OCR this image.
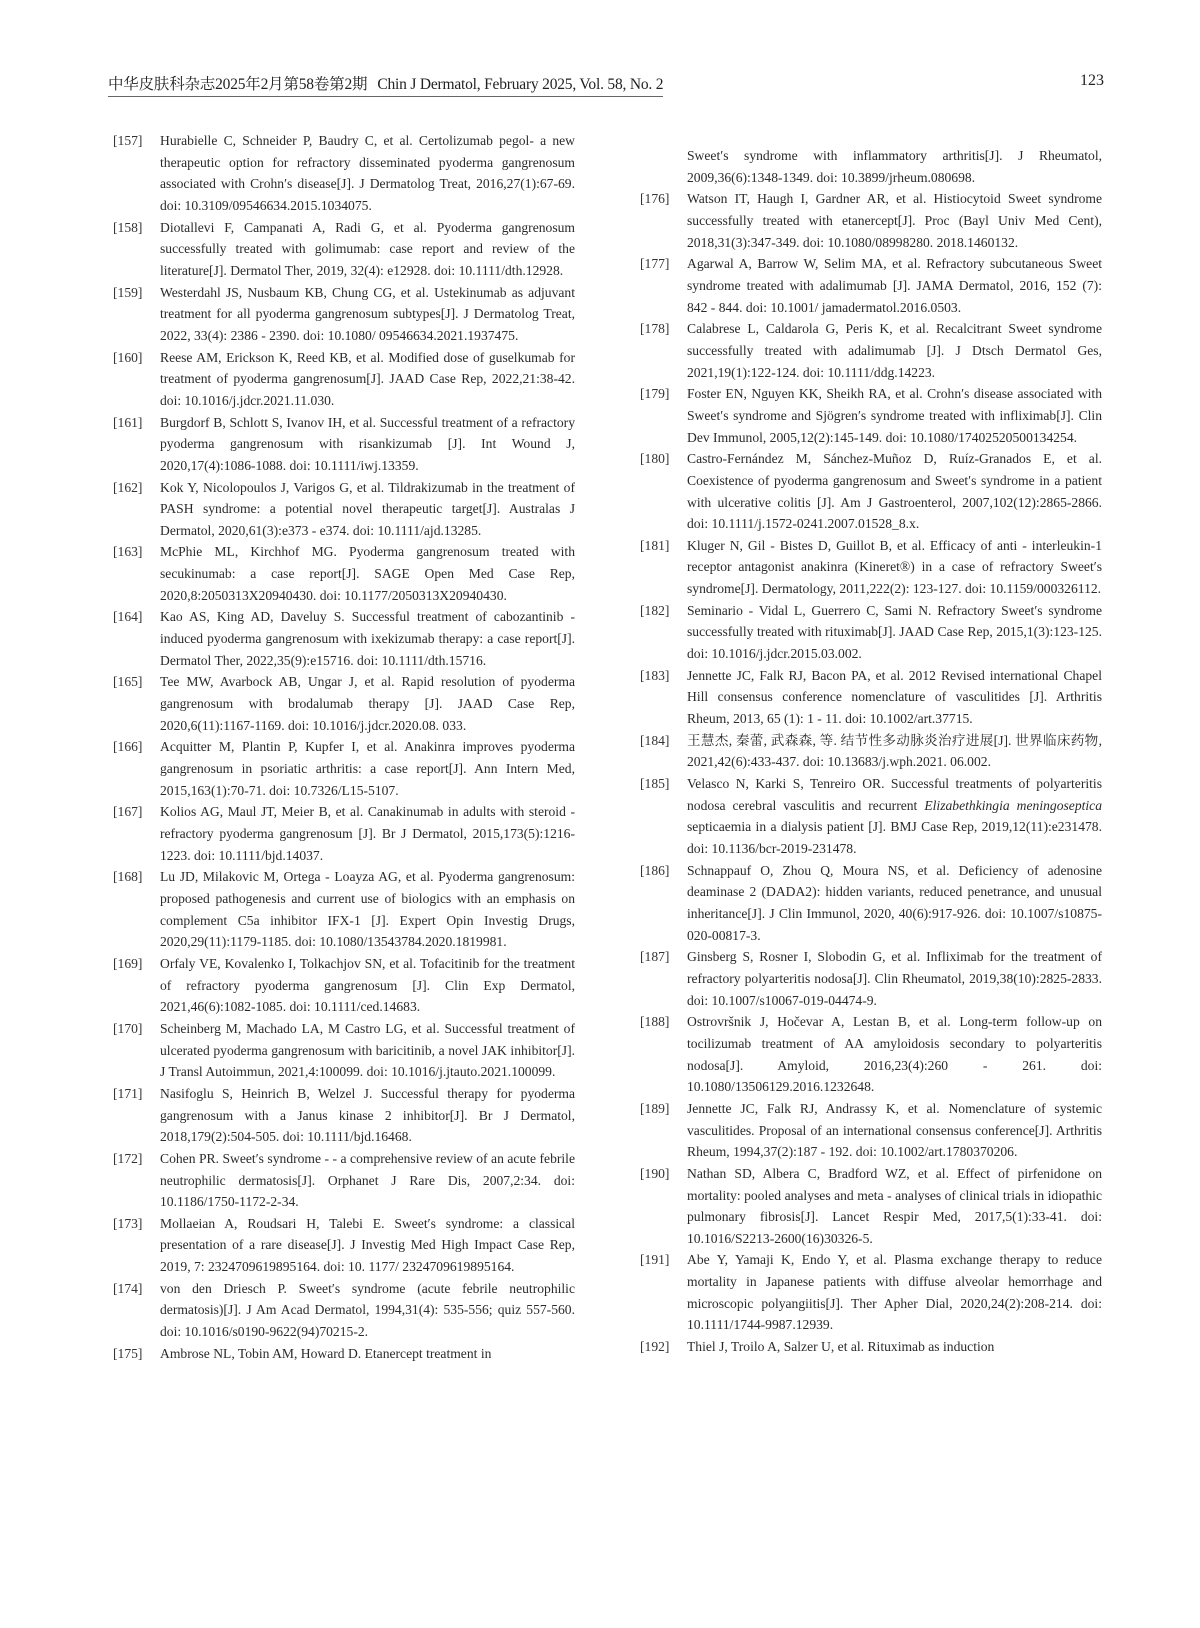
中华皮肤科杂志2025年2月第58卷第2期 Chin J Dermatol, February 2025, Vol. 58, No. 2	123
[157]	Hurabielle C, Schneider P, Baudry C, et al. Certolizumab pegol- a new therapeutic option for refractory disseminated pyoderma gangrenosum associated with Crohn′s disease[J]. J Dermatolog Treat, 2016,27(1):67-69. doi: 10.3109/09546634.2015.1034075.
[158]	Diotallevi F, Campanati A, Radi G, et al. Pyoderma gangrenosum successfully treated with golimumab: case report and review of the literature[J]. Dermatol Ther, 2019, 32(4): e12928. doi: 10.1111/dth.12928.
[159]	Westerdahl JS, Nusbaum KB, Chung CG, et al. Ustekinumab as adjuvant treatment for all pyoderma gangrenosum subtypes[J]. J Dermatolog Treat, 2022, 33(4): 2386 - 2390. doi: 10.1080/ 09546634.2021.1937475.
[160]	Reese AM, Erickson K, Reed KB, et al. Modified dose of guselkumab for treatment of pyoderma gangrenosum[J]. JAAD Case Rep, 2022,21:38-42. doi: 10.1016/j.jdcr.2021.11.030.
[161]	Burgdorf B, Schlott S, Ivanov IH, et al. Successful treatment of a refractory pyoderma gangrenosum with risankizumab [J]. Int Wound J, 2020,17(4):1086-1088. doi: 10.1111/iwj.13359.
[162]	Kok Y, Nicolopoulos J, Varigos G, et al. Tildrakizumab in the treatment of PASH syndrome: a potential novel therapeutic target[J]. Australas J Dermatol, 2020,61(3):e373 - e374. doi: 10.1111/ajd.13285.
[163]	McPhie ML, Kirchhof MG. Pyoderma gangrenosum treated with secukinumab: a case report[J]. SAGE Open Med Case Rep, 2020,8:2050313X20940430. doi: 10.1177/2050313X20940430.
[164]	Kao AS, King AD, Daveluy S. Successful treatment of cabozantinib - induced pyoderma gangrenosum with ixekizumab therapy: a case report[J]. Dermatol Ther, 2022,35(9):e15716. doi: 10.1111/dth.15716.
[165]	Tee MW, Avarbock AB, Ungar J, et al. Rapid resolution of pyoderma gangrenosum with brodalumab therapy [J]. JAAD Case Rep, 2020,6(11):1167-1169. doi: 10.1016/j.jdcr.2020.08. 033.
[166]	Acquitter M, Plantin P, Kupfer I, et al. Anakinra improves pyoderma gangrenosum in psoriatic arthritis: a case report[J]. Ann Intern Med, 2015,163(1):70-71. doi: 10.7326/L15-5107.
[167]	Kolios AG, Maul JT, Meier B, et al. Canakinumab in adults with steroid - refractory pyoderma gangrenosum [J]. Br J Dermatol, 2015,173(5):1216-1223. doi: 10.1111/bjd.14037.
[168]	Lu JD, Milakovic M, Ortega - Loayza AG, et al. Pyoderma gangrenosum: proposed pathogenesis and current use of biologics with an emphasis on complement C5a inhibitor IFX-1 [J]. Expert Opin Investig Drugs, 2020,29(11):1179-1185. doi: 10.1080/13543784.2020.1819981.
[169]	Orfaly VE, Kovalenko I, Tolkachjov SN, et al. Tofacitinib for the treatment of refractory pyoderma gangrenosum [J]. Clin Exp Dermatol, 2021,46(6):1082-1085. doi: 10.1111/ced.14683.
[170]	Scheinberg M, Machado LA, M Castro LG, et al. Successful treatment of ulcerated pyoderma gangrenosum with baricitinib, a novel JAK inhibitor[J]. J Transl Autoimmun, 2021,4:100099. doi: 10.1016/j.jtauto.2021.100099.
[171]	Nasifoglu S, Heinrich B, Welzel J. Successful therapy for pyoderma gangrenosum with a Janus kinase 2 inhibitor[J]. Br J Dermatol, 2018,179(2):504-505. doi: 10.1111/bjd.16468.
[172]	Cohen PR. Sweet′s syndrome - - a comprehensive review of an acute febrile neutrophilic dermatosis[J]. Orphanet J Rare Dis, 2007,2:34. doi: 10.1186/1750-1172-2-34.
[173]	Mollaeian A, Roudsari H, Talebi E. Sweet′s syndrome: a classical presentation of a rare disease[J]. J Investig Med High Impact Case Rep, 2019, 7: 2324709619895164. doi: 10. 1177/ 2324709619895164.
[174]	von den Driesch P. Sweet′s syndrome (acute febrile neutrophilic dermatosis)[J]. J Am Acad Dermatol, 1994,31(4): 535-556; quiz 557-560. doi: 10.1016/s0190-9622(94)70215-2.
[175]	Ambrose NL, Tobin AM, Howard D. Etanercept treatment in
Sweet′s syndrome with inflammatory arthritis[J]. J Rheumatol, 2009,36(6):1348-1349. doi: 10.3899/jrheum.080698.
[176]	Watson IT, Haugh I, Gardner AR, et al. Histiocytoid Sweet syndrome successfully treated with etanercept[J]. Proc (Bayl Univ Med Cent), 2018,31(3):347-349. doi: 10.1080/08998280. 2018.1460132.
[177]	Agarwal A, Barrow W, Selim MA, et al. Refractory subcutaneous Sweet syndrome treated with adalimumab [J]. JAMA Dermatol, 2016, 152 (7): 842 - 844. doi: 10.1001/ jamadermatol.2016.0503.
[178]	Calabrese L, Caldarola G, Peris K, et al. Recalcitrant Sweet syndrome successfully treated with adalimumab [J]. J Dtsch Dermatol Ges, 2021,19(1):122-124. doi: 10.1111/ddg.14223.
[179]	Foster EN, Nguyen KK, Sheikh RA, et al. Crohn′s disease associated with Sweet′s syndrome and Sjögren′s syndrome treated with infliximab[J]. Clin Dev Immunol, 2005,12(2):145-149. doi: 10.1080/17402520500134254.
[180]	Castro-Fernández M, Sánchez-Muñoz D, Ruíz-Granados E, et al. Coexistence of pyoderma gangrenosum and Sweet′s syndrome in a patient with ulcerative colitis [J]. Am J Gastroenterol, 2007,102(12):2865-2866. doi: 10.1111/j.1572-0241.2007.01528_8.x.
[181]	Kluger N, Gil - Bistes D, Guillot B, et al. Efficacy of anti - interleukin-1 receptor antagonist anakinra (Kineret®) in a case of refractory Sweet′s syndrome[J]. Dermatology, 2011,222(2): 123-127. doi: 10.1159/000326112.
[182]	Seminario - Vidal L, Guerrero C, Sami N. Refractory Sweet′s syndrome successfully treated with rituximab[J]. JAAD Case Rep, 2015,1(3):123-125. doi: 10.1016/j.jdcr.2015.03.002.
[183]	Jennette JC, Falk RJ, Bacon PA, et al. 2012 Revised international Chapel Hill consensus conference nomenclature of vasculitides [J]. Arthritis Rheum, 2013, 65 (1): 1 - 11. doi: 10.1002/art.37715.
[184]	王慧杰, 秦蕾, 武森森, 等. 结节性多动脉炎治疗进展[J]. 世界临床药物, 2021,42(6):433-437. doi: 10.13683/j.wph.2021. 06.002.
[185]	Velasco N, Karki S, Tenreiro OR. Successful treatments of polyarteritis nodosa cerebral vasculitis and recurrent Elizabethkingia meningoseptica septicaemia in a dialysis patient [J]. BMJ Case Rep, 2019,12(11):e231478. doi: 10.1136/bcr-2019-231478.
[186]	Schnappauf O, Zhou Q, Moura NS, et al. Deficiency of adenosine deaminase 2 (DADA2): hidden variants, reduced penetrance, and unusual inheritance[J]. J Clin Immunol, 2020, 40(6):917-926. doi: 10.1007/s10875-020-00817-3.
[187]	Ginsberg S, Rosner I, Slobodin G, et al. Infliximab for the treatment of refractory polyarteritis nodosa[J]. Clin Rheumatol, 2019,38(10):2825-2833. doi: 10.1007/s10067-019-04474-9.
[188]	Ostrovršnik J, Hočevar A, Lestan B, et al. Long-term follow-up on tocilizumab treatment of AA amyloidosis secondary to polyarteritis nodosa[J]. Amyloid, 2016,23(4):260 - 261. doi: 10.1080/13506129.2016.1232648.
[189]	Jennette JC, Falk RJ, Andrassy K, et al. Nomenclature of systemic vasculitides. Proposal of an international consensus conference[J]. Arthritis Rheum, 1994,37(2):187 - 192. doi: 10.1002/art.1780370206.
[190]	Nathan SD, Albera C, Bradford WZ, et al. Effect of pirfenidone on mortality: pooled analyses and meta - analyses of clinical trials in idiopathic pulmonary fibrosis[J]. Lancet Respir Med, 2017,5(1):33-41. doi: 10.1016/S2213-2600(16)30326-5.
[191]	Abe Y, Yamaji K, Endo Y, et al. Plasma exchange therapy to reduce mortality in Japanese patients with diffuse alveolar hemorrhage and microscopic polyangiitis[J]. Ther Apher Dial, 2020,24(2):208-214. doi: 10.1111/1744-9987.12939.
[192]	Thiel J, Troilo A, Salzer U, et al. Rituximab as induction
